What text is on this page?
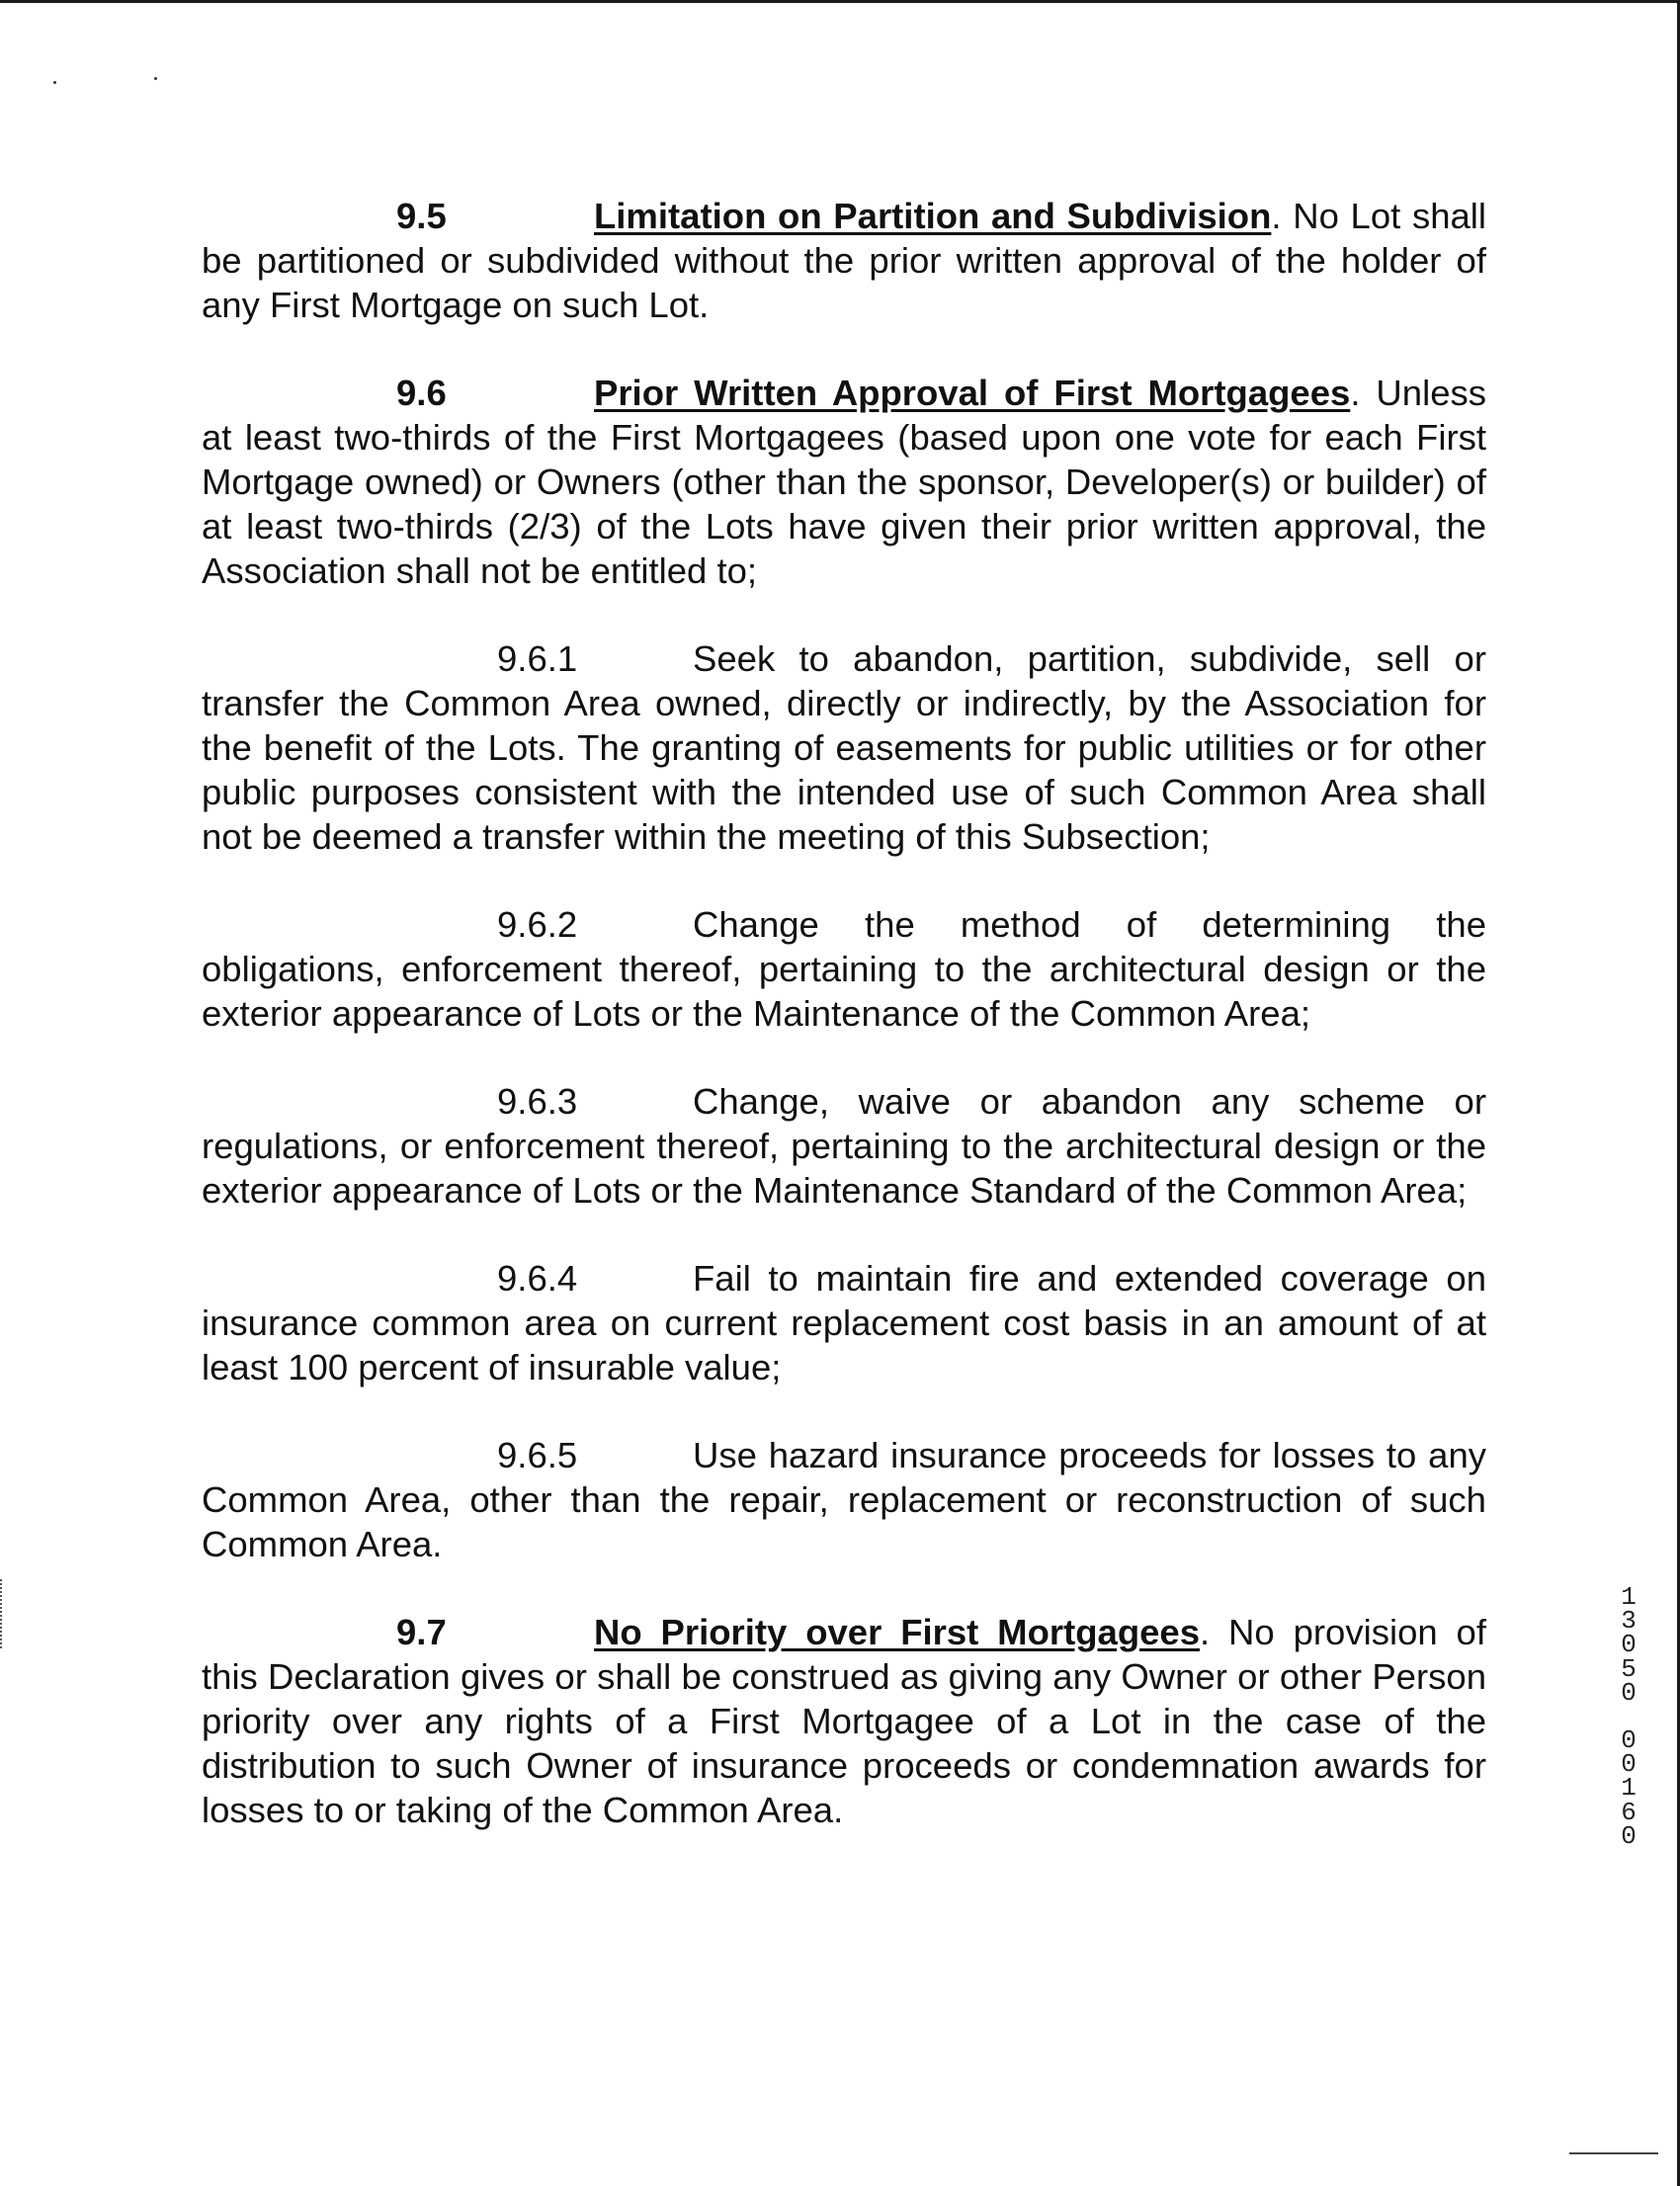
9.5	Limitation on Partition and Subdivision. No Lot shall be partitioned or subdivided without the prior written approval of the holder of any First Mortgage on such Lot.

9.6	Prior Written Approval of First Mortgagees. Unless at least two-thirds of the First Mortgagees (based upon one vote for each First Mortgage owned) or Owners (other than the sponsor, Developer(s) or builder) of at least two-thirds (2/3) of the Lots have given their prior written approval, the Association shall not be entitled to;

9.6.1	Seek to abandon, partition, subdivide, sell or transfer the Common Area owned, directly or indirectly, by the Association for the benefit of the Lots. The granting of easements for public utilities or for other public purposes consistent with the intended use of such Common Area shall not be deemed a transfer within the meeting of this Subsection;

9.6.2	Change the method of determining the obligations, enforcement thereof, pertaining to the architectural design or the exterior appearance of Lots or the Maintenance of the Common Area;

9.6.3	Change, waive or abandon any scheme or regulations, or enforcement thereof, pertaining to the architectural design or the exterior appearance of Lots or the Maintenance Standard of the Common Area;

9.6.4	Fail to maintain fire and extended coverage on insurance common area on current replacement cost basis in an amount of at least 100 percent of insurable value;

9.6.5	Use hazard insurance proceeds for losses to any Common Area, other than the repair, replacement or reconstruction of such Common Area.

9.7	No Priority over First Mortgagees. No provision of this Declaration gives or shall be construed as giving any Owner or other Person priority over any rights of a First Mortgagee of a Lot in the case of the distribution to such Owner of insurance proceeds or condemnation awards for losses to or taking of the Common Area.

13050
00160
